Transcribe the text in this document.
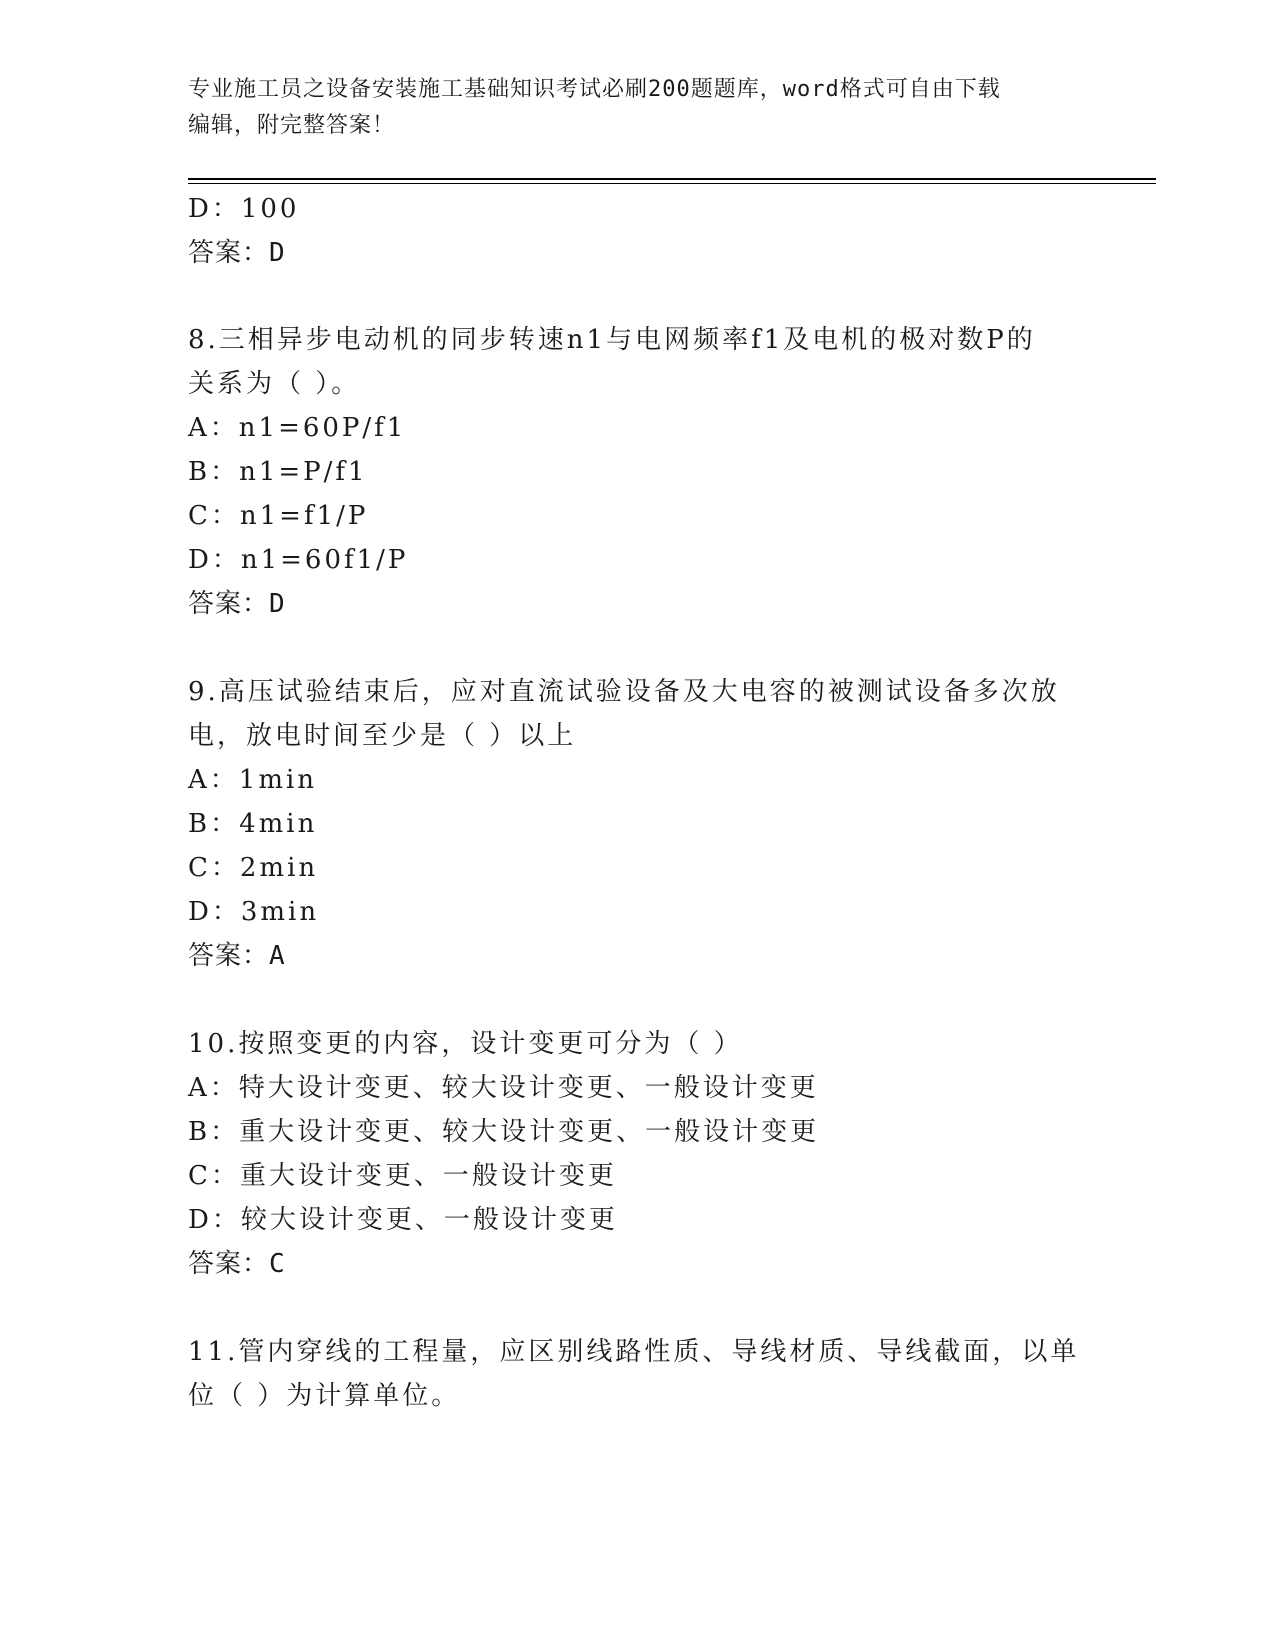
专业施工员之设备安装施工基础知识考试必刷200题题库，word格式可自由下载
编辑，附完整答案！
D：100
答案：D
8.三相异步电动机的同步转速n1与电网频率f1及电机的极对数P的
关系为（ ）。
A：n1=60P/f1
B：n1=P/f1
C：n1=f1/P
D：n1=60f1/P
答案：D
9.高压试验结束后，应对直流试验设备及大电容的被测试设备多次放
电，放电时间至少是（ ）以上
A：1min
B：4min
C：2min
D：3min
答案：A
10.按照变更的内容，设计变更可分为（ ）
A：特大设计变更、较大设计变更、一般设计变更
B：重大设计变更、较大设计变更、一般设计变更
C：重大设计变更、一般设计变更
D：较大设计变更、一般设计变更
答案：C
11.管内穿线的工程量，应区别线路性质、导线材质、导线截面，以单
位（ ）为计算单位。
